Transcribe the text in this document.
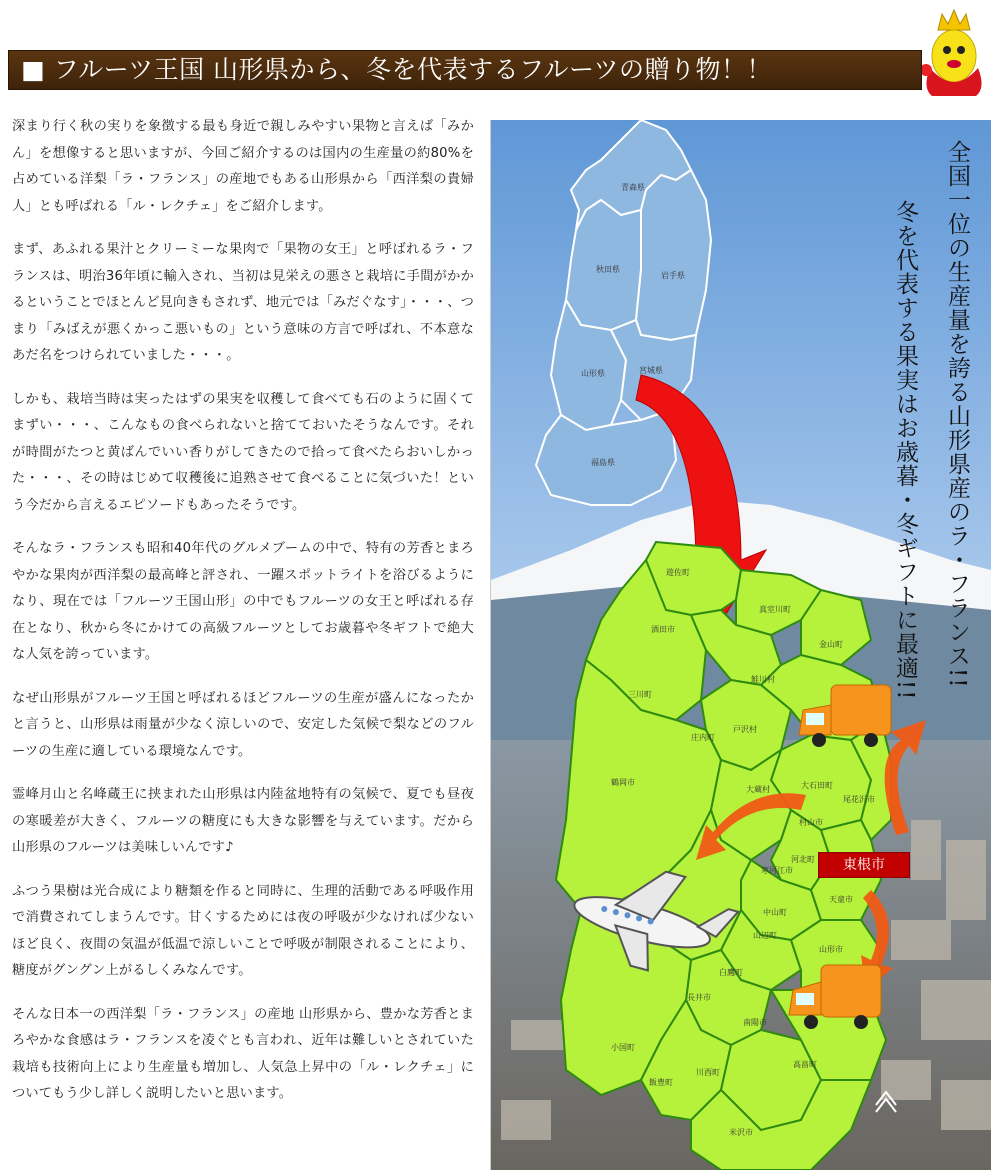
■ フルーツ王国 山形県から、冬を代表するフルーツの贈り物！！

深まり行く秋の実りを象徴する最も身近で親しみやすい果物と言えば「みかん」を想像すると思いますが、今回ご紹介するのは国内の生産量の約80%を占めている洋梨「ラ・フランス」の産地でもある山形県から「西洋梨の貴婦人」とも呼ばれる「ル・レクチェ」をご紹介します。

まず、あふれる果汁とクリーミーな果肉で「果物の女王」と呼ばれるラ・フランスは、明治36年頃に輸入され、当初は見栄えの悪さと栽培に手間がかかるということでほとんど見向きもされず、地元では「みだぐなす」・・・、つまり「みばえが悪くかっこ悪いもの」という意味の方言で呼ばれ、不本意なあだ名をつけられていました・・・。

しかも、栽培当時は実ったはずの果実を収穫して食べても石のように固くてまずい・・・、こんなもの食べられないと捨てておいたそうなんです。それが時間がたつと黄ばんでいい香りがしてきたので拾って食べたらおいしかった・・・、その時はじめて収穫後に追熟させて食べることに気づいた！という今だから言えるエピソードもあったそうです。

そんなラ・フランスも昭和40年代のグルメブームの中で、特有の芳香とまろやかな果肉が西洋梨の最高峰と評され、一躍スポットライトを浴びるようになり、現在では「フルーツ王国山形」の中でもフルーツの女王と呼ばれる存在となり、秋から冬にかけての高級フルーツとしてお歳暮や冬ギフトで絶大な人気を誇っています。

なぜ山形県がフルーツ王国と呼ばれるほどフルーツの生産が盛んになったかと言うと、山形県は雨量が少なく涼しいので、安定した気候で梨などのフルーツの生産に適している環境なんです。

霊峰月山と名峰蔵王に挟まれた山形県は内陸盆地特有の気候で、夏でも昼夜の寒暖差が大きく、フルーツの糖度にも大きな影響を与えています。だから山形県のフルーツは美味しいんです♪

ふつう果樹は光合成により糖類を作ると同時に、生理的活動である呼吸作用で消費されてしまうんです。甘くするためには夜の呼吸が少なければ少ないほど良く、夜間の気温が低温で涼しいことで呼吸が制限されることにより、糖度がグングン上がるしくみなんです。

そんな日本一の西洋梨「ラ・フランス」の産地 山形県から、豊かな芳香とまろやかな食感はラ・フランスを凌ぐとも言われ、近年は難しいとされていた栽培も技術向上により生産量も増加し、人気急上昇中の「ル・レクチェ」についてもう少し詳しく説明したいと思います。

青森県
秋田県
岩手県
山形県	宮城県
福島県
遊佐町
酒田市
真室川町
金山町
三川町
鮭川村
戸沢村
庄内町
鶴岡市
大蔵村	大石田町
尾花沢市
村山市
河北町
寒河江市
中山町
天童市
山辺町
白鷹町
山形市
長井市
南陽市
小国町
飯豊町
川西町
高畠町
米沢市
全国一位の生産量を誇る山形県産のラ・フランス!!
冬を代表する果実はお歳暮・冬ギフトに最適!!
東根市
